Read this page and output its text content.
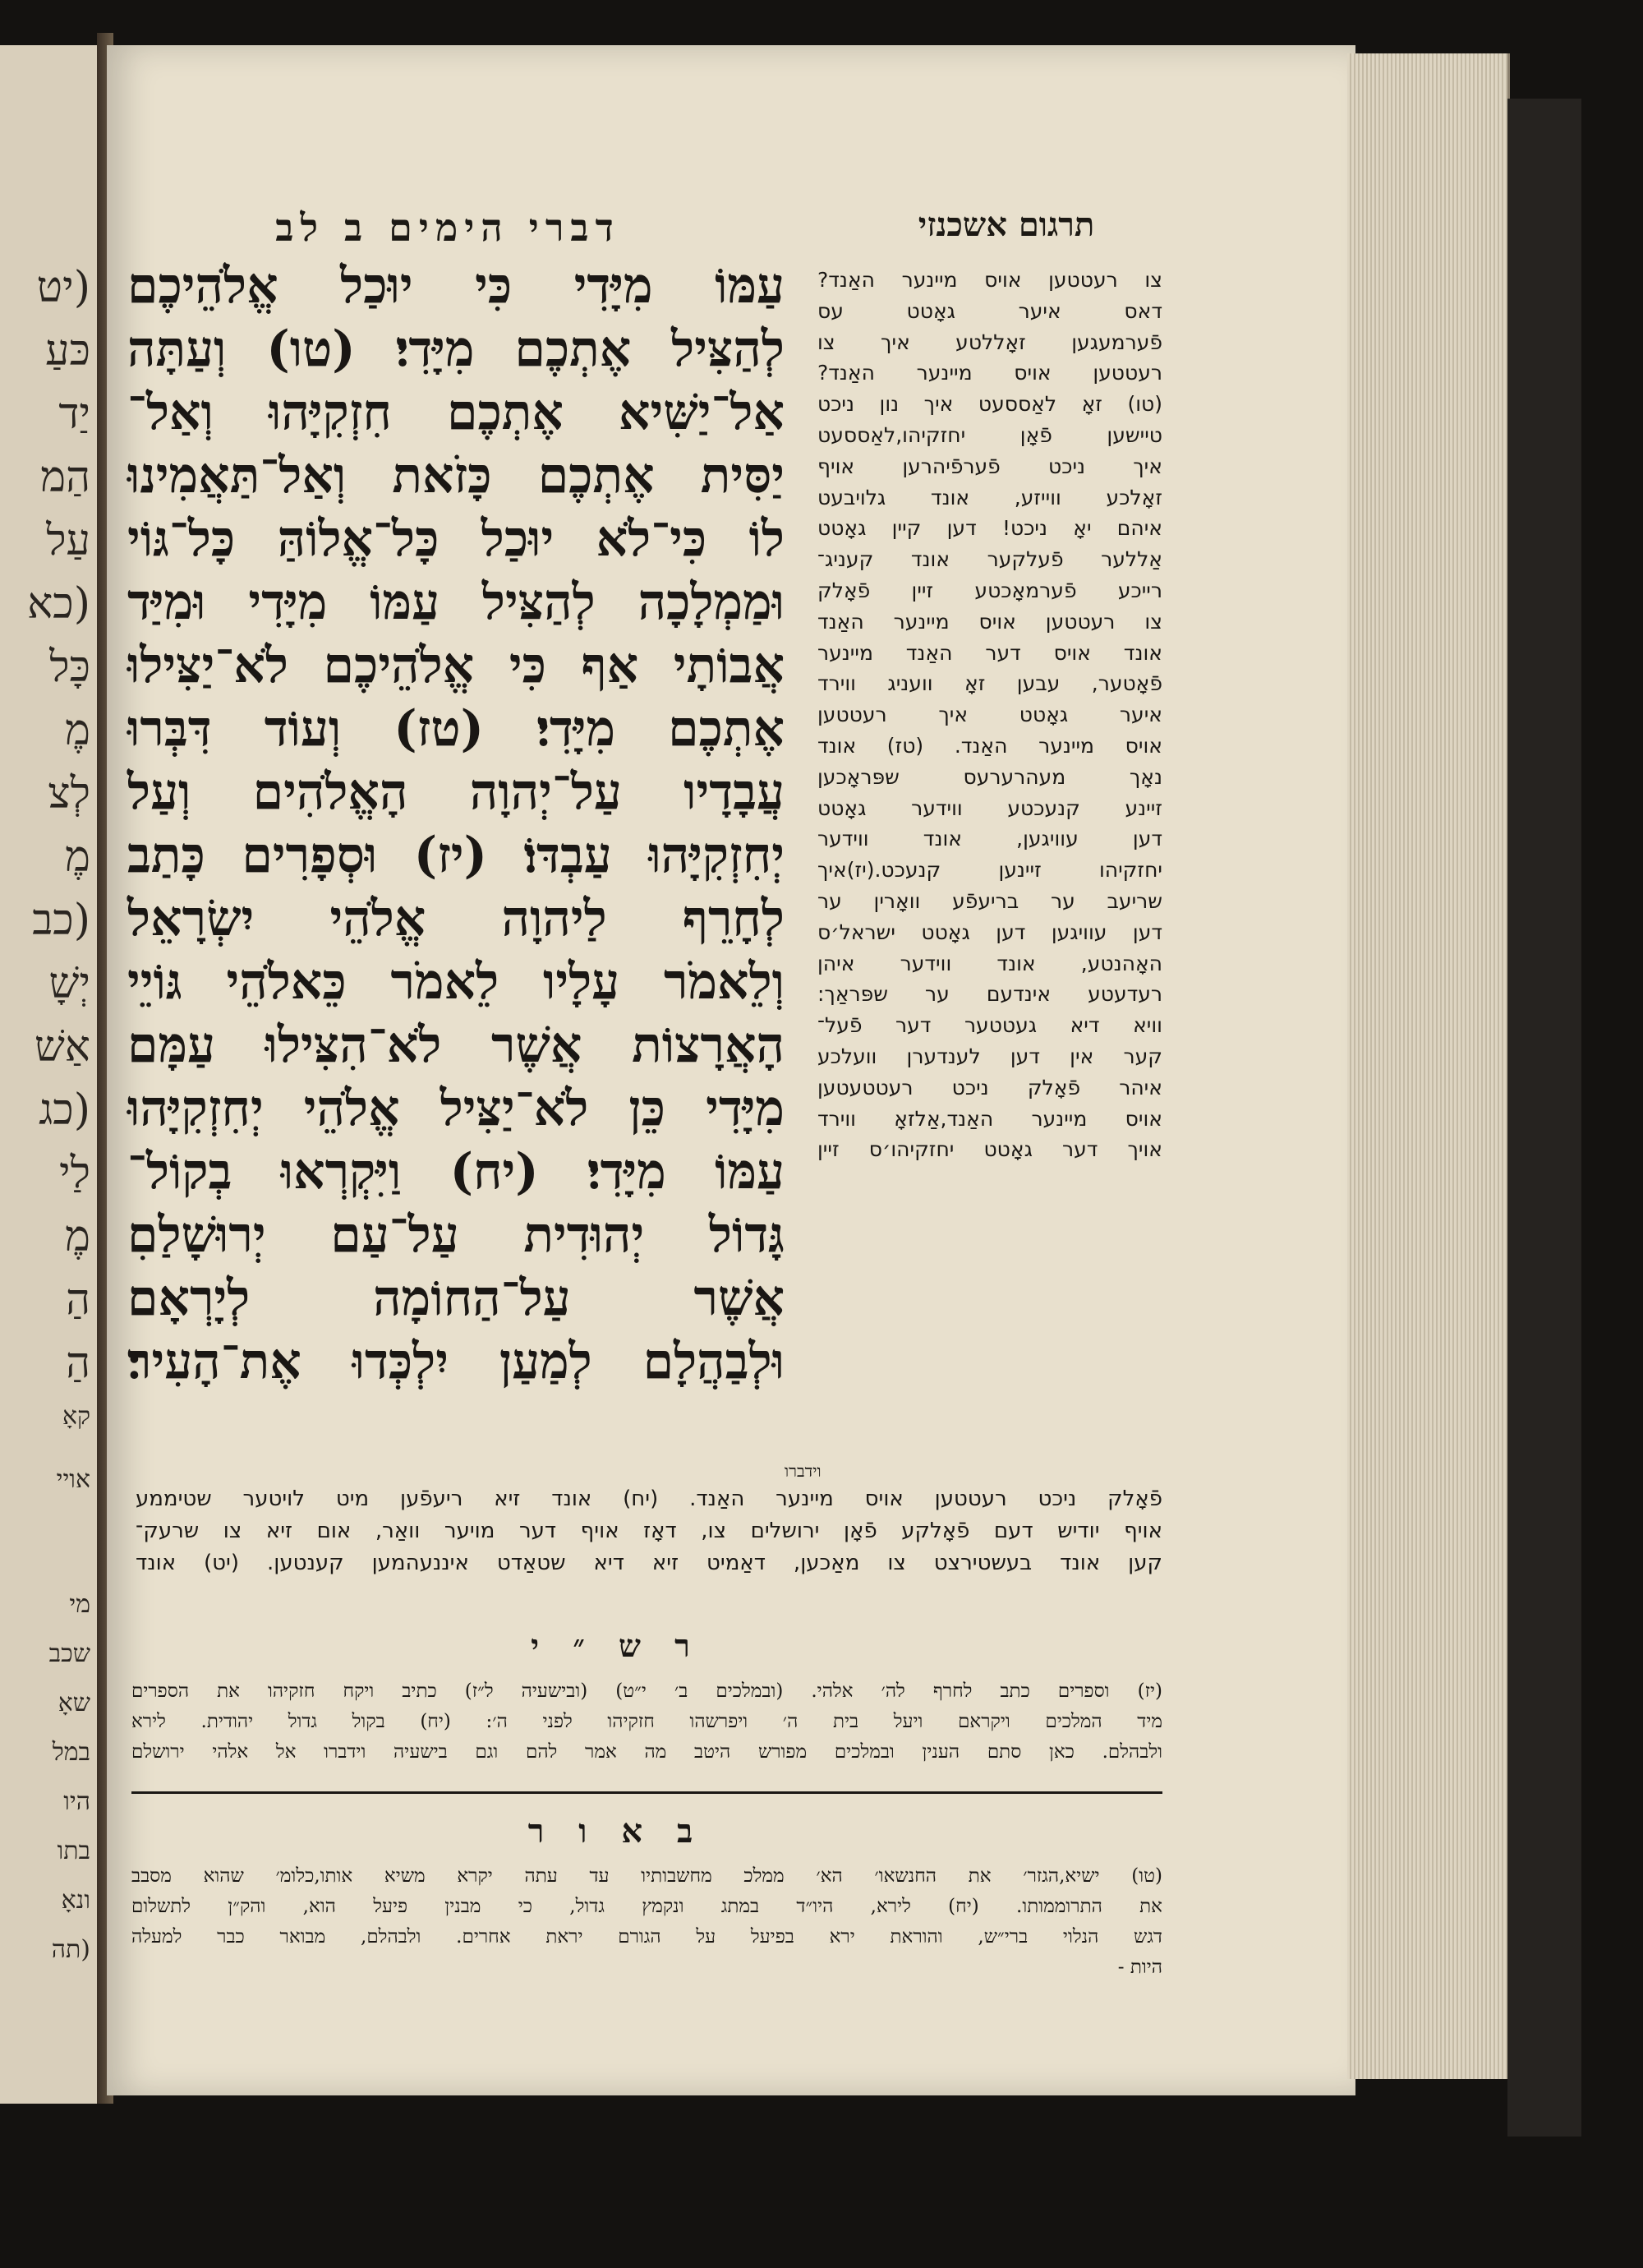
(יט
כּעַ
יַד
הַמ
עַל
(כא
כָּל
מֶ
לְצ
מֶ
(כב
יְשָׁ
אַשׁ
(כג
לַי
מֶ
הַ
הַ
קאָ
אויי
מי
שכב
שאָ
במל
היו
בתו
ונאָ
(תה
תרגום אשכנזי
דברי הימים ב לב

עַמּוֹ מִיָּדִי כִּי יוּכַל אֱלֹהֵיכֶם

לְהַצִּיל אֶתְכֶם מִיָּדִי׃ (טו) וְעַתָּה

אַל־יַשִּׁיא אֶתְכֶם חִזְקִיָּהוּ וְאַל־

יַסִּית אֶתְכֶם כָּזֹאת וְאַל־תַּאֲמִינוּ

לוֹ כִּי־לֹא יוּכַל כָּל־אֱלוֹהַּ כָּל־גּוֹי

וּמַמְלָכָה לְהַצִּיל עַמּוֹ מִיָּדִי וּמִיַּד

אֲבוֹתָי אַף כִּי אֱלֹהֵיכֶם לֹא־יַצִּילוּ

אֶתְכֶם מִיָּדִי׃ (טז) וְעוֹד דִּבְּרוּ

עֲבָדָיו עַל־יְהוָה הָאֱלֹהִים וְעַל

יְחִזְקִיָּהוּ עַבְדּוֹ׃ (יז) וּסְפָרִים כָּתַב

לְחָרֵף לַיהוָה אֱלֹהֵי יִשְׂרָאֵל

וְלֵאמֹר עָלָיו לֵאמֹר כֵּאלֹהֵי גּוֹיֵי

הָאֲרָצוֹת אֲשֶׁר לֹא־הִצִּילוּ עַמָּם

מִיָּדִי כֵּן לֹא־יַצִּיל אֱלֹהֵי יְחִזְקִיָּהוּ

עַמּוֹ מִיָּדִי׃ (יח) וַיִּקְרְאוּ בְקוֹל־

גָּדוֹל יְהוּדִית עַל־עַם יְרוּשָׁלַםִ

אֲשֶׁר עַל־הַחוֹמָה לְיָרְאָם

וּלְבַהֲלָם לְמַעַן יִלְכְּדוּ אֶת־הָעִיר׃

צו רעטטען אויס מיינער האַנד?

דאס איער גאָטט עס

פֿערמעגען זאָללטע איך צו

רעטטען אויס מיינער האַנד?

(טו) זאָ לאַססעט איך נון ניכט

טיישען פֿאָן יחזקיהו,לאַססעט

איך ניכט פֿערפֿיהרען אויף

זאָלכע ווייזע, אונד גלויבעט

איהם יאָ ניכט! דען קיין גאָטט

אַללער פֿעלקער אונד קעניג־

רייכע פֿערמאָכטע זיין פֿאָלק

צו רעטטען אויס מיינער האַנד

אונד אויס דער האַנד מיינער

פֿאָטער, עבען זאָ וועניג ווירד

איער גאָטט איך רעטטען

אויס מיינער האַנד. (טז) אונד

נאָך מעהרערעס שפּראָכען

זיינע קנעכטע ווידער גאָטט

דען עוויגען, אונד ווידער

יחזקיהו זיינען קנעכט.(יז)איך

שריעב ער בריעפֿע וואָרין ער

דען עוויגען דען גאָטט ישראל׳ס

האָהנטע, אונד ווידער איהן

רעדעטע אינדעם ער שפּראַך:

וויא דיא געטטער דער פֿעל־

קער אין דען לענדערן וועלכע

איהר פֿאָלק ניכט רעטטעטען

אויס מיינער האַנד,אַלזאָ ווירד

אויך דער גאָטט יחזקיהו׳ס זיין

וידברו

פֿאָלק ניכט רעטטען אויס מיינער האַנד. (יח) אונד זיא ריעפֿען מיט לויטער שטיממע

אויף יודיש דעם פֿאָלקע פֿאָן ירושלים צו, דאָז אויף דער מויער וואַר, אום זיא צו שרעק־

קען אונד בעשטירצט צו מאַכען, דאַמיט זיא דיא שטאַדט איננעהמען קענטען. (יט) אונד

ר ש ״ י

(יז) וספרים כתב לחרף לה׳ אלהי. (ובמלכים ב׳ י״ט) (ובישעיה ל״ז) כתיב ויקח חזקיהו את הספרים

מיד המלכים ויקראם ויעל בית ה׳ ויפרשהו חזקיהו לפני ה׳: (יח) בקול גדול יהודית. לירא

ולבהלם. כאן סתם הענין ובמלכים מפורש היטב מה אמר להם וגם בישעיה וידברו אל אלהי ירושלם

ב א ו ר

(טו) ישיא,הגזר׳ את החנשאו׳ הא׳ ממלכ מחשבותיו עד עתה יקרא משיא אותו,כלומ׳ שהוא מסבב

את התרוממותו. (יח) לירא, היו״ד במתג ונקמץ גדול, כי מבנין פיעל הוא, והק״ן לתשלום

דגש הנלוי ברי״ש, והוראת ירא בפיעל על הגורם יראת אחרים. ולבהלם, מבואר כבר למעלה

היות -
